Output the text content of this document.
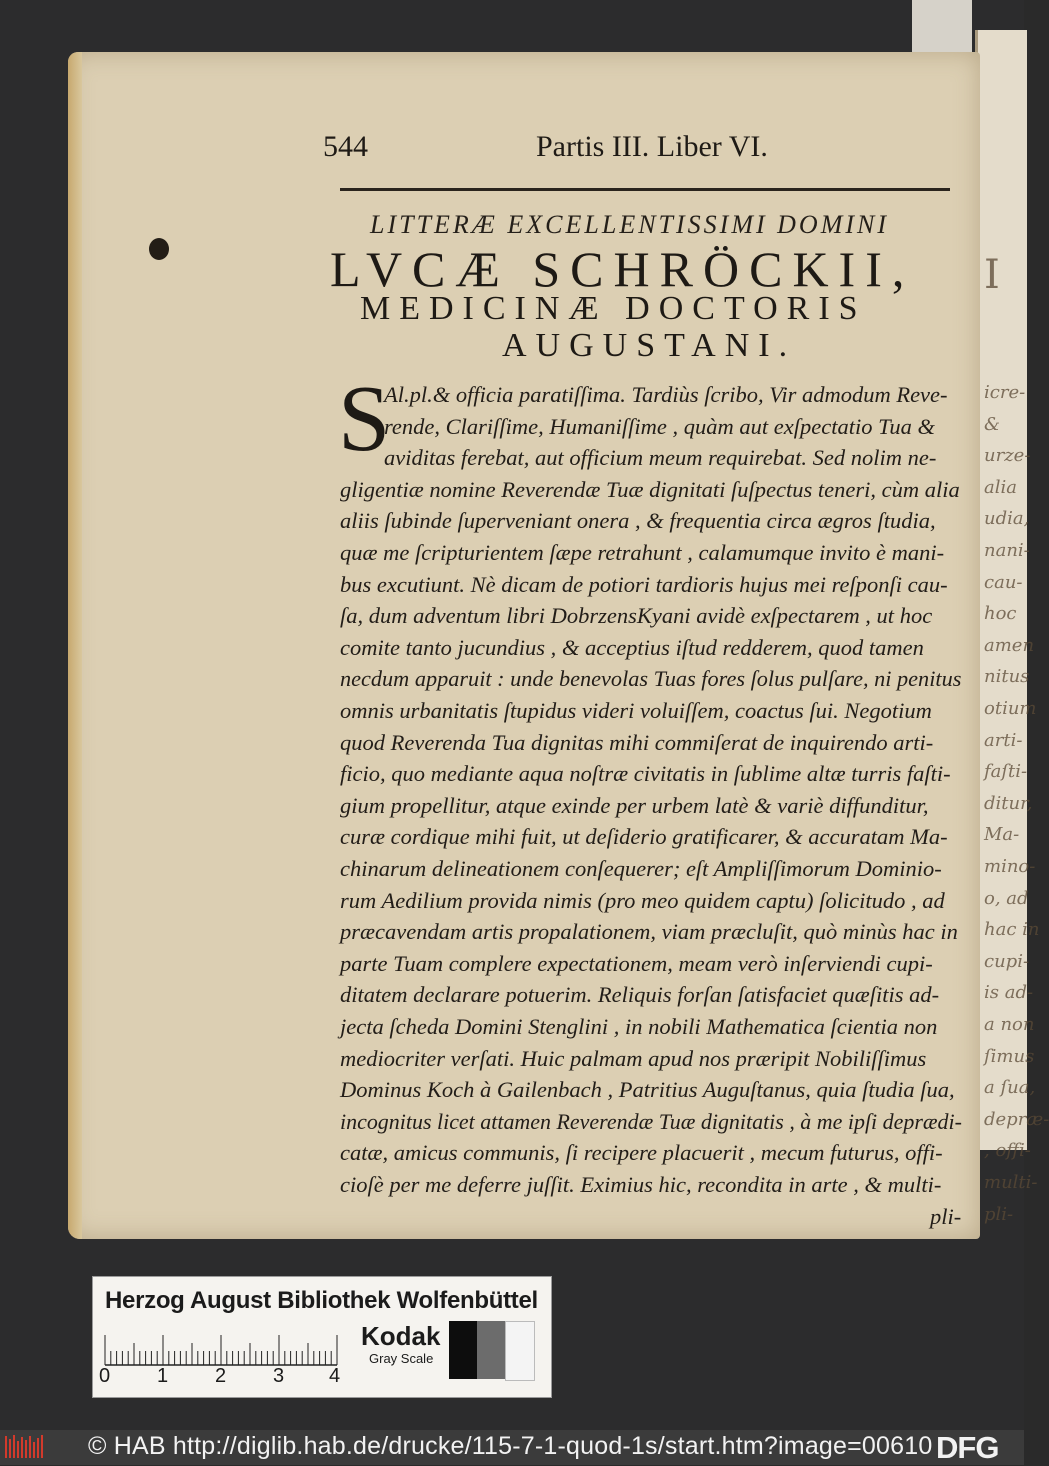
I
icre-
&
urze-
alia
udia,
nani-
cau-
hoc
amen
nitus
otium
arti-
faſti-
ditur,
Ma-
mino-
o, ad
hac in
cupi-
is ad-
a non
ſimus
a ſua,
depræ-
, offi-
multi-
pli-
544	Partis III. Liber VI.
LITTERÆ EXCELLENTISSIMI DOMINI
LVCÆ SCHRÖCKII,
MEDICINÆ DOCTORIS
AUGUSTANI.
S
Al.pl.& officia paratiſſima. Tardiùs ſcribo, Vir admodum Reve-
rende, Clariſſime, Humaniſſime , quàm aut exſpectatio Tua &
aviditas ferebat, aut officium meum requirebat. Sed nolim ne-
gligentiæ nomine Reverendæ Tuæ dignitati ſuſpectus teneri, cùm alia
aliis ſubinde ſuperveniant onera , & frequentia circa ægros ſtudia,
quæ me ſcripturientem ſæpe retrahunt , calamumque invito è mani-
bus excutiunt. Nè dicam de potiori tardioris hujus mei reſponſi cau-
ſa, dum adventum libri DobrzensKyani avidè exſpectarem , ut hoc
comite tanto jucundius , & acceptius iſtud redderem, quod tamen
necdum apparuit : unde benevolas Tuas fores ſolus pulſare, ni penitus
omnis urbanitatis ſtupidus videri voluiſſem, coactus ſui. Negotium
quod Reverenda Tua dignitas mihi commiſerat de inquirendo arti-
ficio, quo mediante aqua noſtræ civitatis in ſublime altæ turris faſti-
gium propellitur, atque exinde per urbem latè & variè diffunditur,
curæ cordique mihi fuit, ut deſiderio gratificarer, & accuratam Ma-
chinarum delineationem conſequerer; eſt Ampliſſimorum Dominio-
rum Aedilium provida nimis (pro meo quidem captu) ſolicitudo , ad
præcavendam artis propalationem, viam præcluſit, quò minùs hac in
parte Tuam complere expectationem, meam verò inſerviendi cupi-
ditatem declarare potuerim. Reliquis forſan ſatisfaciet quæſitis ad-
jecta ſcheda Domini Stenglini , in nobili Mathematica ſcientia non
mediocriter verſati. Huic palmam apud nos præripit Nobiliſſimus
Dominus Koch à Gailenbach , Patritius Auguſtanus, quia ſtudia ſua,
incognitus licet attamen Reverendæ Tuæ dignitatis , à me ipſi deprædi-
catæ, amicus communis, ſi recipere placuerit , mecum futurus, offi-
cioſè per me deferre juſſit. Eximius hic, recondita in arte , & multi-
pli-
Herzog August Bibliothek Wolfenbüttel
0 1 2 3 4
Kodak
Gray Scale
© HAB http://diglib.hab.de/drucke/115-7-1-quod-1s/start.htm?image=00610 DFG
